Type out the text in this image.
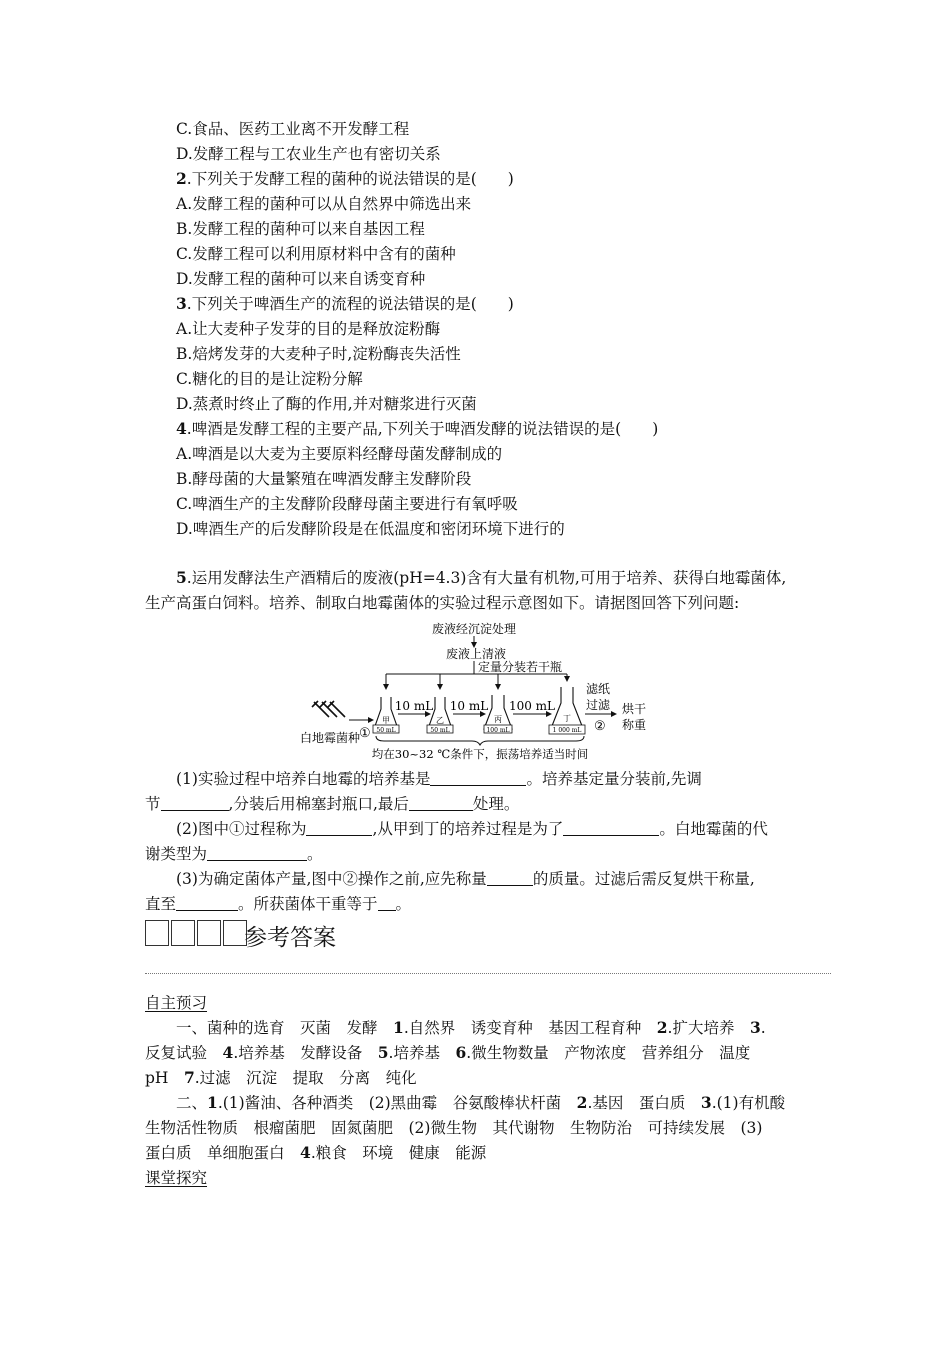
C.食品、医药工业离不开发酵工程
D.发酵工程与工农业生产也有密切关系
2.下列关于发酵工程的菌种的说法错误的是(　　)
A.发酵工程的菌种可以从自然界中筛选出来
B.发酵工程的菌种可以来自基因工程
C.发酵工程可以利用原材料中含有的菌种
D.发酵工程的菌种可以来自诱变育种
3.下列关于啤酒生产的流程的说法错误的是(　　)
A.让大麦种子发芽的目的是释放淀粉酶
B.焙烤发芽的大麦种子时,淀粉酶丧失活性
C.糖化的目的是让淀粉分解
D.蒸煮时终止了酶的作用,并对糖浆进行灭菌
4.啤酒是发酵工程的主要产品,下列关于啤酒发酵的说法错误的是(　　)
A.啤酒是以大麦为主要原料经酵母菌发酵制成的
B.酵母菌的大量繁殖在啤酒发酵主发酵阶段
C.啤酒生产的主发酵阶段酵母菌主要进行有氧呼吸
D.啤酒生产的后发酵阶段是在低温度和密闭环境下进行的
5.运用发酵法生产酒精后的废液(pH=4.3)含有大量有机物,可用于培养、获得白地霉菌体,
生产高蛋白饲料。培养、制取白地霉菌体的实验过程示意图如下。请据图回答下列问题:
废液经沉淀处理
废液上清液
定量分装若干瓶
白地霉菌种
①
甲
50 mL
10 mL
乙
50 mL
10 mL
丙
100 mL
100 mL
丁
1 000 mL
滤纸
过滤
②
烘干
称重
均在30~32 ℃条件下，振荡培养适当时间
(1)实验过程中培养白地霉的培养基是	。培养基定量分装前,先调
节	,分装后用棉塞封瓶口,最后	处理。
(2)图中①过程称为	,从甲到丁的培养过程是为了	。白地霉菌的代
谢类型为	。
(3)为确定菌体产量,图中②操作之前,应先称量	的质量。过滤后需反复烘干称量,
直至	。所获菌体干重等于 。
参考答案
自主预习
一、菌种的选育　灭菌　发酵　1.自然界　诱变育种　基因工程育种　2.扩大培养　3.
反复试验　4.培养基　发酵设备　5.培养基　6.微生物数量　产物浓度　营养组分　温度
pH　7.过滤　沉淀　提取　分离　纯化
二、1.(1)酱油、各种酒类　(2)黑曲霉　谷氨酸棒状杆菌　2.基因　蛋白质　3.(1)有机酸
生物活性物质　根瘤菌肥　固氮菌肥　(2)微生物　其代谢物　生物防治　可持续发展　(3)
蛋白质　单细胞蛋白　4.粮食　环境　健康　能源
课堂探究
